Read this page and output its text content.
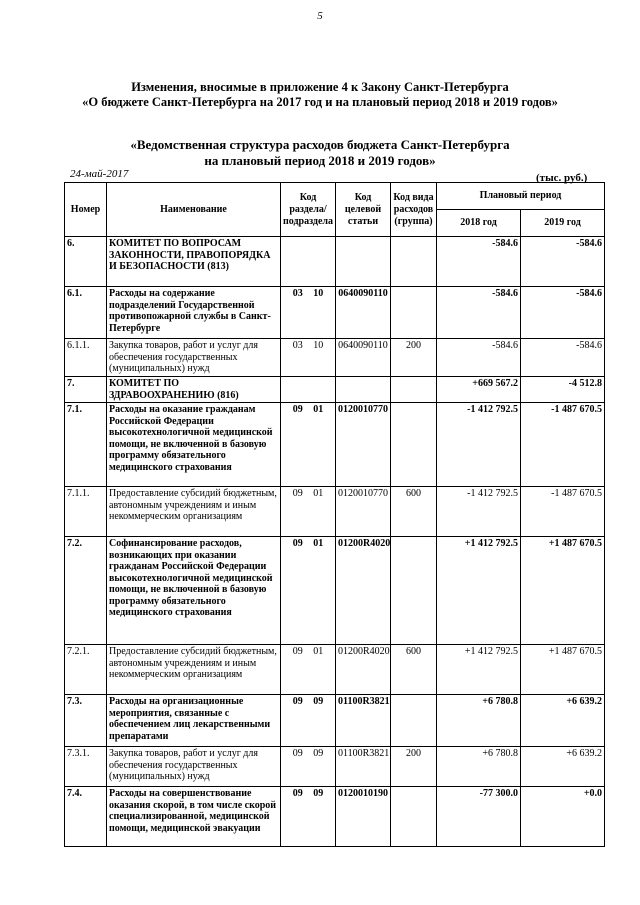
5
Изменения, вносимые в приложение 4 к Закону Санкт-Петербурга
«О бюджете Санкт-Петербурга на 2017 год и на плановый период 2018 и 2019 годов»
«Ведомственная структура расходов бюджета Санкт-Петербурга
на плановый период 2018 и 2019 годов»
24-май-2017	(тыс. руб.)
Номер	Наименование	Код раздела/ подраздела	Код целевой статьи	Код вида расходов (группа)	Плановый период	
					2018 год	2019 год
6.	КОМИТЕТ ПО ВОПРОСАМ ЗАКОННОСТИ, ПРАВОПОРЯДКА И БЕЗОПАСНОСТИ (813)				-584.6	-584.6
6.1.	Расходы на содержание подразделений Государственной противопожарной службы в Санкт-Петербурге	03 10	0640090110		-584.6	-584.6
6.1.1.	Закупка товаров, работ и услуг для обеспечения государственных (муниципальных) нужд	03 10	0640090110	200	-584.6	-584.6
7.	КОМИТЕТ ПО ЗДРАВООХРАНЕНИЮ (816)				+669 567.2	-4 512.8
7.1.	Расходы на оказание гражданам Российской Федерации высокотехнологичной медицинской помощи, не включенной в базовую программу обязательного медицинского страхования	09 01	0120010770		-1 412 792.5	-1 487 670.5
7.1.1.	Предоставление субсидий бюджетным, автономным учреждениям и иным некоммерческим организациям	09 01	0120010770	600	-1 412 792.5	-1 487 670.5
7.2.	Софинансирование расходов, возникающих при оказании гражданам Российской Федерации высокотехнологичной медицинской помощи, не включенной в базовую программу обязательного медицинского страхования	09 01	01200R4020		+1 412 792.5	+1 487 670.5
7.2.1.	Предоставление субсидий бюджетным, автономным учреждениям и иным некоммерческим организациям	09 01	01200R4020	600	+1 412 792.5	+1 487 670.5
7.3.	Расходы на организационные мероприятия, связанные с обеспечением лиц лекарственными препаратами	09 09	01100R3821		+6 780.8	+6 639.2
7.3.1.	Закупка товаров, работ и услуг для обеспечения государственных (муниципальных) нужд	09 09	01100R3821	200	+6 780.8	+6 639.2
7.4.	Расходы на совершенствование оказания скорой, в том числе скорой специализированной, медицинской помощи, медицинской эвакуации	09 09	0120010190		-77 300.0	+0.0
